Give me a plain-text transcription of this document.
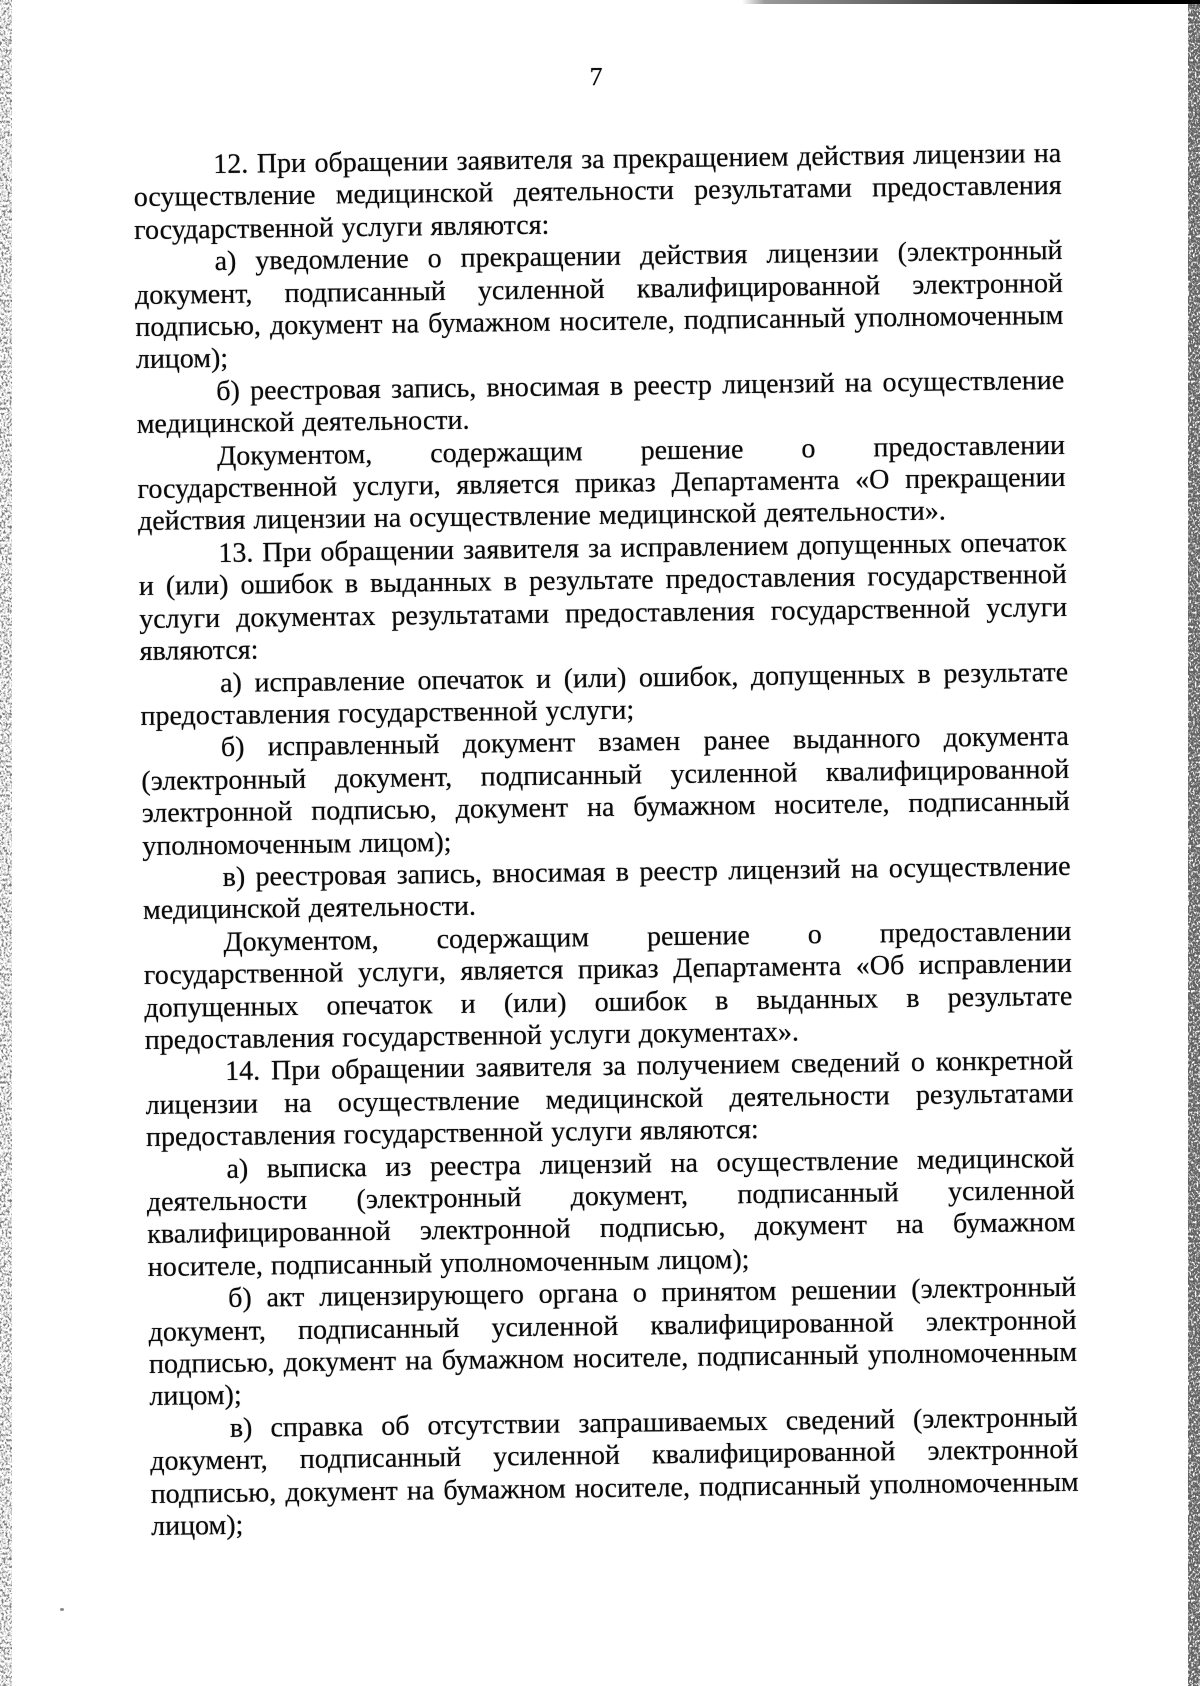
7

12. При обращении заявителя за прекращением действия лицензии на осуществление медицинской деятельности результатами предоставления государственной услуги являются:

а) уведомление о прекращении действия лицензии (электронный документ, подписанный усиленной квалифицированной электронной подписью, документ на бумажном носителе, подписанный уполномоченным лицом);

б) реестровая запись, вносимая в реестр лицензий на осуществление медицинской деятельности.

Документом, содержащим решение о предоставлении государственной услуги, является приказ Департамента «О прекращении действия лицензии на осуществление медицинской деятельности».

13. При обращении заявителя за исправлением допущенных опечаток и (или) ошибок в выданных в результате предоставления государственной услуги документах результатами предоставления государственной услуги являются:

а) исправление опечаток и (или) ошибок, допущенных в результате предоставления государственной услуги;

б) исправленный документ взамен ранее выданного документа (электронный документ, подписанный усиленной квалифицированной электронной подписью, документ на бумажном носителе, подписанный уполномоченным лицом);

в) реестровая запись, вносимая в реестр лицензий на осуществление медицинской деятельности.

Документом, содержащим решение о предоставлении государственной услуги, является приказ Департамента «Об исправлении допущенных опечаток и (или) ошибок в выданных в результате предоставления государственной услуги документах».

14. При обращении заявителя за получением сведений о конкретной лицензии на осуществление медицинской деятельности результатами предоставления государственной услуги являются:

а) выписка из реестра лицензий на осуществление медицинской деятельности (электронный документ, подписанный усиленной квалифицированной электронной подписью, документ на бумажном носителе, подписанный уполномоченным лицом);

б) акт лицензирующего органа о принятом решении (электронный документ, подписанный усиленной квалифицированной электронной подписью, документ на бумажном носителе, подписанный уполномоченным лицом);

в) справка об отсутствии запрашиваемых сведений (электронный документ, подписанный усиленной квалифицированной электронной подписью, документ на бумажном носителе, подписанный уполномоченным лицом);
